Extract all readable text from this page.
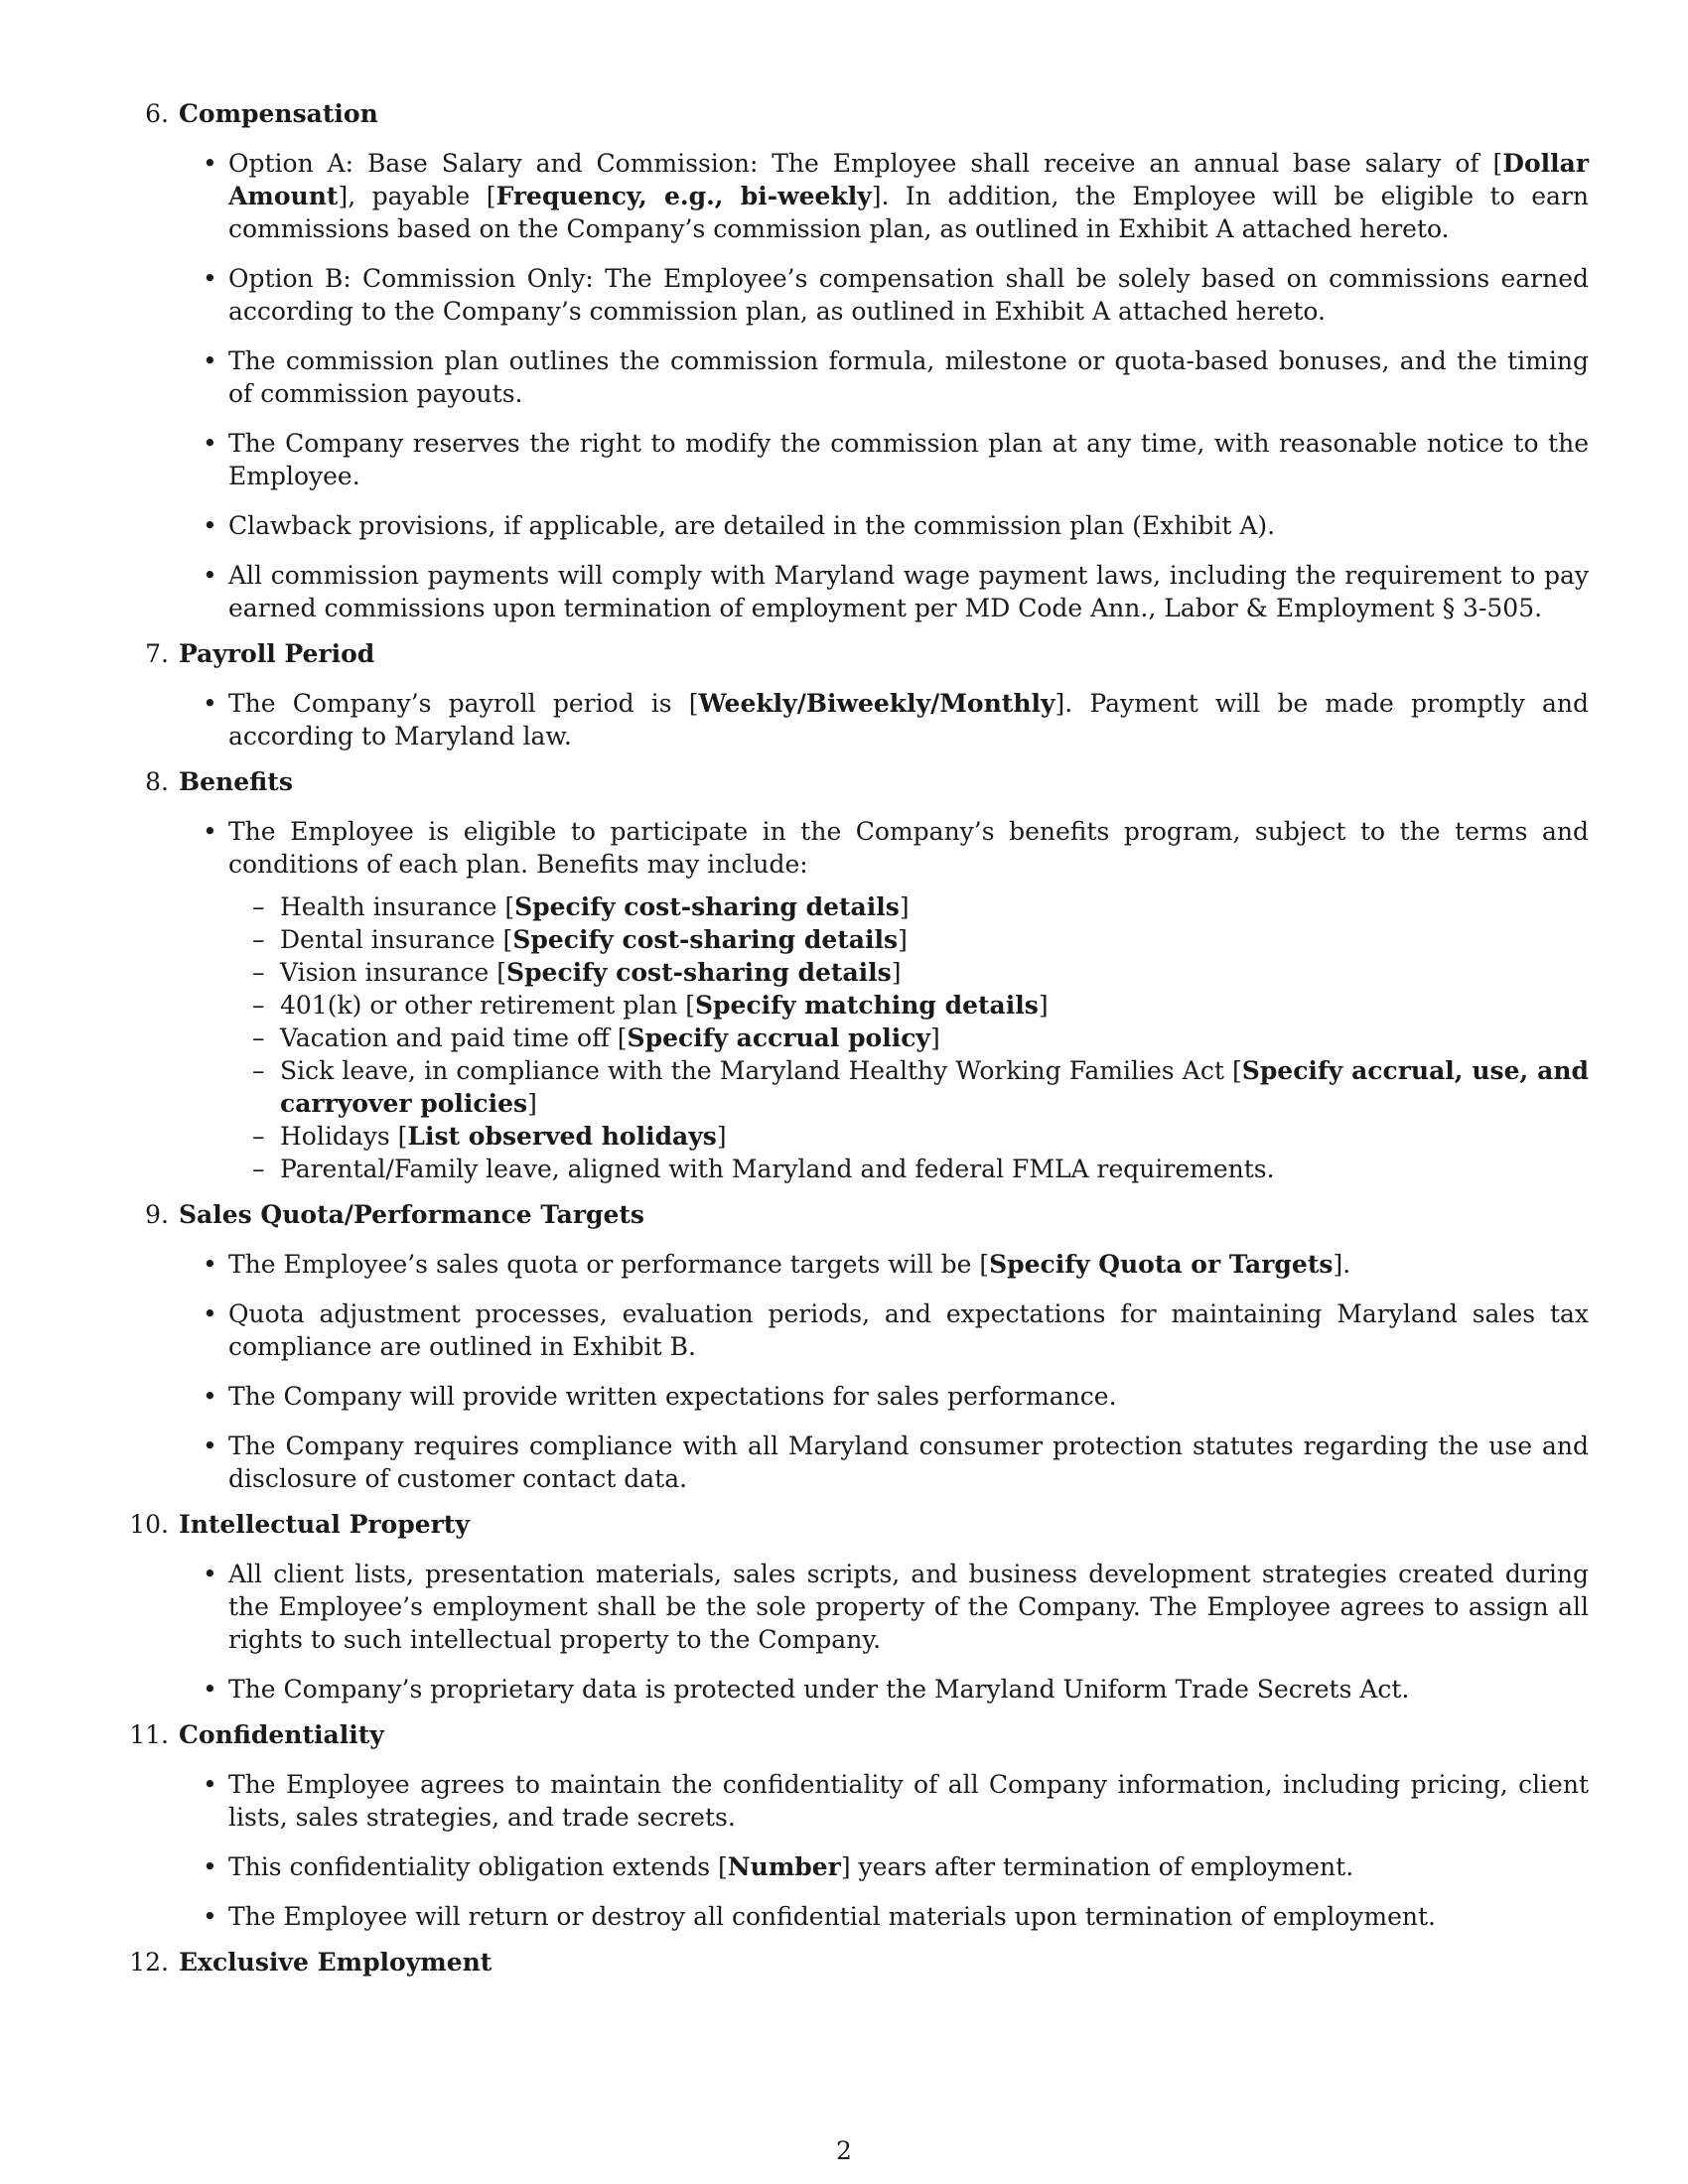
6. Compensation
• Option A: Base Salary and Commission: The Employee shall receive an annual base salary of [Dollar Amount], payable [Frequency, e.g., bi-weekly]. In addition, the Employee will be eligible to earn commissions based on the Company’s commission plan, as outlined in Exhibit A attached hereto.
• Option B: Commission Only: The Employee’s compensation shall be solely based on commissions earned according to the Company’s commission plan, as outlined in Exhibit A attached hereto.
• The commission plan outlines the commission formula, milestone or quota-based bonuses, and the timing of commission payouts.
• The Company reserves the right to modify the commission plan at any time, with reasonable notice to the Employee.
• Clawback provisions, if applicable, are detailed in the commission plan (Exhibit A).
• All commission payments will comply with Maryland wage payment laws, including the requirement to pay earned commissions upon termination of employment per MD Code Ann., Labor & Employment § 3-505.
7. Payroll Period
• The Company’s payroll period is [Weekly/Biweekly/Monthly]. Payment will be made promptly and according to Maryland law.
8. Benefits
• The Employee is eligible to participate in the Company’s benefits program, subject to the terms and conditions of each plan. Benefits may include:
– Health insurance [Specify cost-sharing details]
– Dental insurance [Specify cost-sharing details]
– Vision insurance [Specify cost-sharing details]
– 401(k) or other retirement plan [Specify matching details]
– Vacation and paid time off [Specify accrual policy]
– Sick leave, in compliance with the Maryland Healthy Working Families Act [Specify accrual, use, and carryover policies]
– Holidays [List observed holidays]
– Parental/Family leave, aligned with Maryland and federal FMLA requirements.
9. Sales Quota/Performance Targets
• The Employee’s sales quota or performance targets will be [Specify Quota or Targets].
• Quota adjustment processes, evaluation periods, and expectations for maintaining Maryland sales tax compliance are outlined in Exhibit B.
• The Company will provide written expectations for sales performance.
• The Company requires compliance with all Maryland consumer protection statutes regarding the use and disclosure of customer contact data.
10. Intellectual Property
• All client lists, presentation materials, sales scripts, and business development strategies created during the Employee’s employment shall be the sole property of the Company. The Employee agrees to assign all rights to such intellectual property to the Company.
• The Company’s proprietary data is protected under the Maryland Uniform Trade Secrets Act.
11. Confidentiality
• The Employee agrees to maintain the confidentiality of all Company information, including pricing, client lists, sales strategies, and trade secrets.
• This confidentiality obligation extends [Number] years after termination of employment.
• The Employee will return or destroy all confidential materials upon termination of employment.
12. Exclusive Employment
2
